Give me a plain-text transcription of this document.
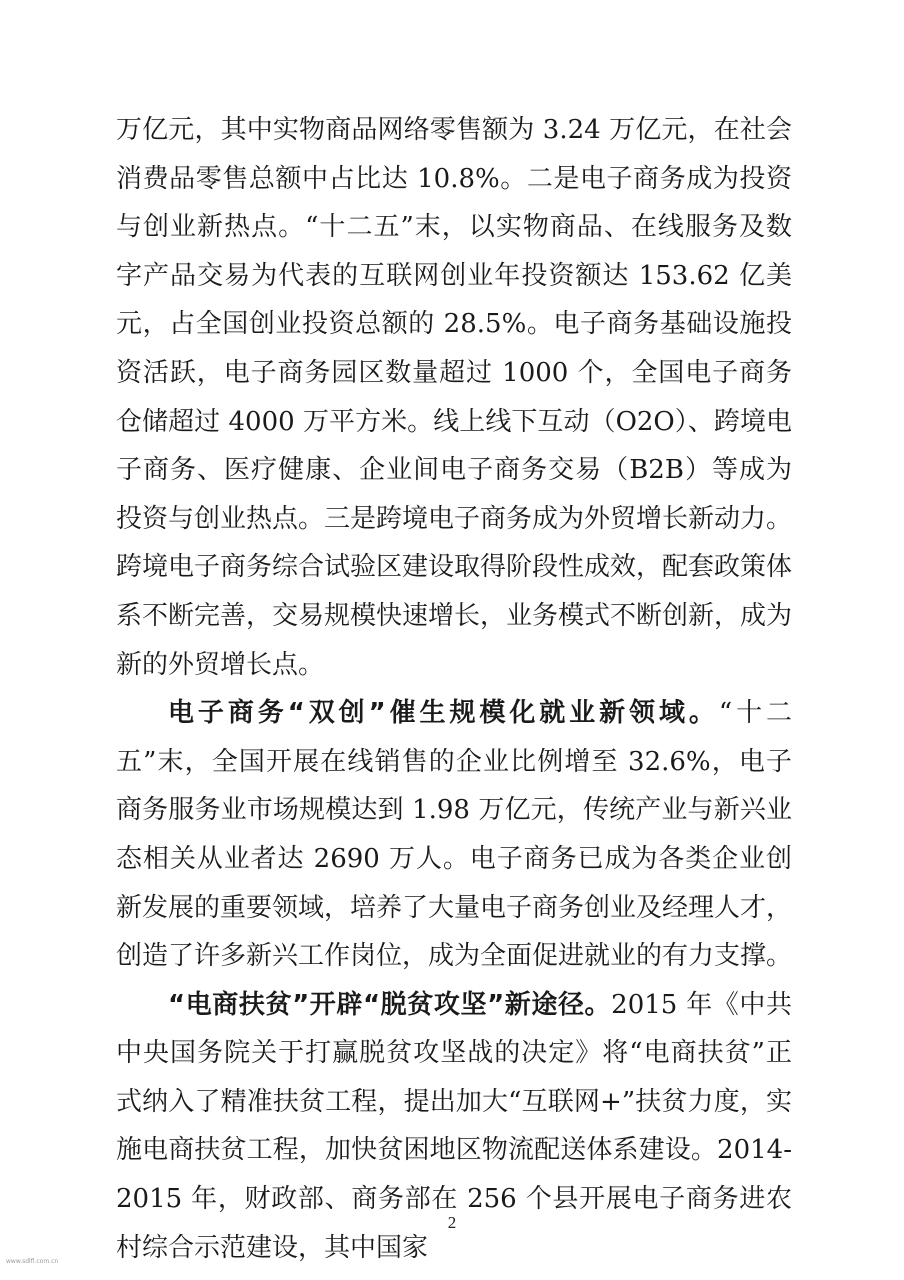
万亿元，其中实物商品网络零售额为 3.24 万亿元，在社会消费品零售总额中占比达 10.8%。二是电子商务成为投资与创业新热点。“十二五”末，以实物商品、在线服务及数字产品交易为代表的互联网创业年投资额达 153.62 亿美元，占全国创业投资总额的 28.5%。电子商务基础设施投资活跃，电子商务园区数量超过 1000 个，全国电子商务仓储超过 4000 万平方米。线上线下互动（O2O）、跨境电子商务、医疗健康、企业间电子商务交易（B2B）等成为投资与创业热点。三是跨境电子商务成为外贸增长新动力。跨境电子商务综合试验区建设取得阶段性成效，配套政策体系不断完善，交易规模快速增长，业务模式不断创新，成为新的外贸增长点。

电子商务“双创”催生规模化就业新领域。“十二五”末，全国开展在线销售的企业比例增至 32.6%，电子商务服务业市场规模达到 1.98 万亿元，传统产业与新兴业态相关从业者达 2690 万人。电子商务已成为各类企业创新发展的重要领域，培养了大量电子商务创业及经理人才，创造了许多新兴工作岗位，成为全面促进就业的有力支撑。

“电商扶贫”开辟“脱贫攻坚”新途径。2015 年《中共中央国务院关于打赢脱贫攻坚战的决定》将“电商扶贫”正式纳入了精准扶贫工程，提出加大“互联网+”扶贫力度，实施电商扶贫工程，加快贫困地区物流配送体系建设。2014-2015 年，财政部、商务部在 256 个县开展电子商务进农村综合示范建设，其中国家

2
www.sdlfl.com.cn
